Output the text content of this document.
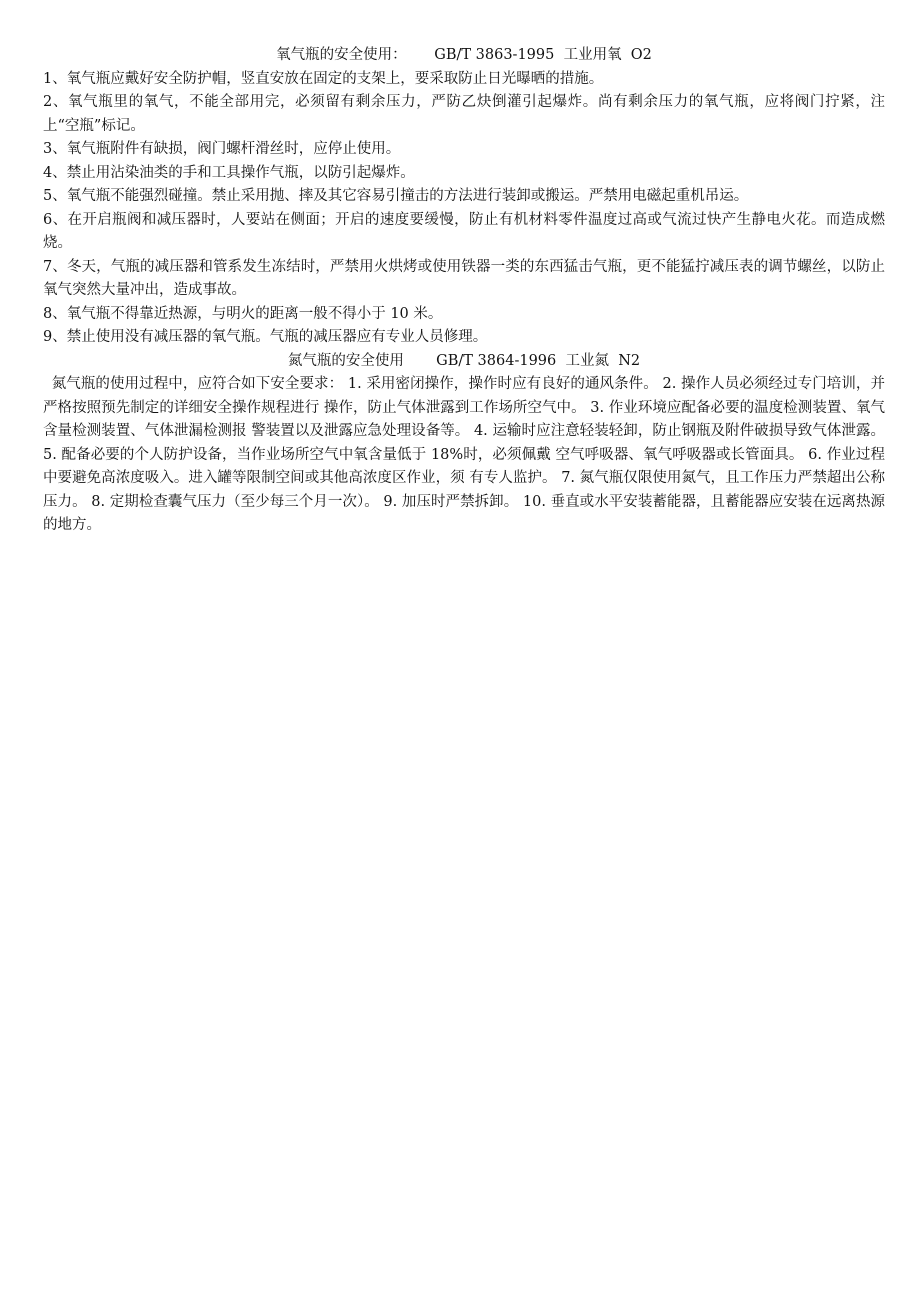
氧气瓶的安全使用：      GB/T 3863-1995  工业用氧  O2

1、氧气瓶应戴好安全防护帽，竖直安放在固定的支架上，要采取防止日光曝晒的措施。

2、氧气瓶里的氧气，不能全部用完，必须留有剩余压力，严防乙炔倒灌引起爆炸。尚有剩余压力的氧气瓶，应将阀门拧紧，注上“空瓶”标记。

3、氧气瓶附件有缺损，阀门螺杆滑丝时，应停止使用。

4、禁止用沾染油类的手和工具操作气瓶，以防引起爆炸。

5、氧气瓶不能强烈碰撞。禁止采用抛、摔及其它容易引撞击的方法进行装卸或搬运。严禁用电磁起重机吊运。

6、在开启瓶阀和减压器时，人要站在侧面；开启的速度要缓慢，防止有机材料零件温度过高或气流过快产生静电火花。而造成燃烧。

7、冬天，气瓶的减压器和管系发生冻结时，严禁用火烘烤或使用铁器一类的东西猛击气瓶，更不能猛拧减压表的调节螺丝，以防止氧气突然大量冲出，造成事故。

8、氧气瓶不得靠近热源，与明火的距离一般不得小于 10 米。

9、禁止使用没有减压器的氧气瓶。气瓶的减压器应有专业人员修理。

氮气瓶的安全使用       GB/T 3864-1996  工业氮  N2

氮气瓶的使用过程中，应符合如下安全要求： 1. 采用密闭操作，操作时应有良好的通风条件。 2. 操作人员必须经过专门培训，并严格按照预先制定的详细安全操作规程进行 操作，防止气体泄露到工作场所空气中。 3. 作业环境应配备必要的温度检测装置、氧气含量检测装置、气体泄漏检测报 警装置以及泄露应急处理设备等。 4. 运输时应注意轻装轻卸，防止钢瓶及附件破损导致气体泄露。 5. 配备必要的个人防护设备，当作业场所空气中氧含量低于 18%时，必须佩戴 空气呼吸器、氧气呼吸器或长管面具。 6. 作业过程中要避免高浓度吸入。进入罐等限制空间或其他高浓度区作业，须 有专人监护。 7. 氮气瓶仅限使用氮气，且工作压力严禁超出公称压力。 8. 定期检查囊气压力（至少每三个月一次）。 9. 加压时严禁拆卸。 10. 垂直或水平安装蓄能器，且蓄能器应安装在远离热源的地方。
